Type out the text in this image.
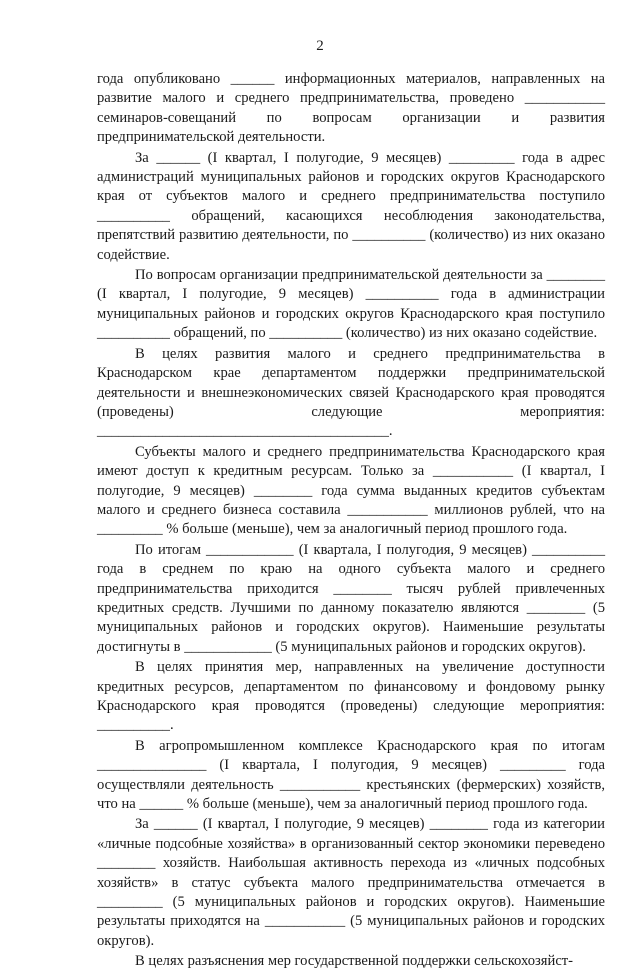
2

года опубликовано ______ информационных материалов, направленных на развитие малого и среднего предпринимательства, проведено ___________ семинаров-совещаний по вопросам организации и развития предпринимательской деятельности.

За ______ (I квартал, I полугодие, 9 месяцев) _________ года в адрес администраций муниципальных районов и городских округов Краснодарского края от субъектов малого и среднего предпринимательства поступило __________ обращений, касающихся несоблюдения законодательства, препятствий развитию деятельности, по __________ (количество) из них оказано содействие.

По вопросам организации предпринимательской деятельности за ________ (I квартал, I полугодие, 9 месяцев) __________ года в администрации муниципальных районов и городских округов Краснодарского края поступило __________ обращений, по __________ (количество) из них оказано содействие.

В целях развития малого и среднего предпринимательства в Краснодарском крае департаментом поддержки предпринимательской деятельности и внешнеэкономических связей Краснодарского края проводятся (проведены) следующие мероприятия: ________________________________________.

Субъекты малого и среднего предпринимательства Краснодарского края имеют доступ к кредитным ресурсам. Только за ___________ (I квартал, I полугодие, 9 месяцев) ________ года сумма выданных кредитов субъектам малого и среднего бизнеса составила ___________ миллионов рублей, что на _________ % больше (меньше), чем за аналогичный период прошлого года.

По итогам ____________ (I квартала, I полугодия, 9 месяцев) __________ года в среднем по краю на одного субъекта малого и среднего предпринимательства приходится ________ тысяч рублей привлеченных кредитных средств. Лучшими по данному показателю являются ________ (5 муниципальных районов и городских округов). Наименьшие результаты достигнуты в ____________ (5 муниципальных районов и городских округов).

В целях принятия мер, направленных на увеличение доступности кредитных ресурсов, департаментом по финансовому и фондовому рынку Краснодарского края проводятся (проведены) следующие мероприятия: __________.

В агропромышленном комплексе Краснодарского края по итогам _______________ (I квартала, I полугодия, 9 месяцев) _________ года осуществляли деятельность ___________ крестьянских (фермерских) хозяйств, что на ______ % больше (меньше), чем за аналогичный период прошлого года.

За ______ (I квартал, I полугодие, 9 месяцев) ________ года из категории «личные подсобные хозяйства» в организованный сектор экономики переведено ________ хозяйств. Наибольшая активность перехода из «личных подсобных хозяйств» в статус субъекта малого предпринимательства отмечается в _________ (5 муниципальных районов и городских округов). Наименьшие результаты приходятся на ___________ (5 муниципальных районов и городских округов).

В целях разъяснения мер государственной поддержки сельскохозяйст-
